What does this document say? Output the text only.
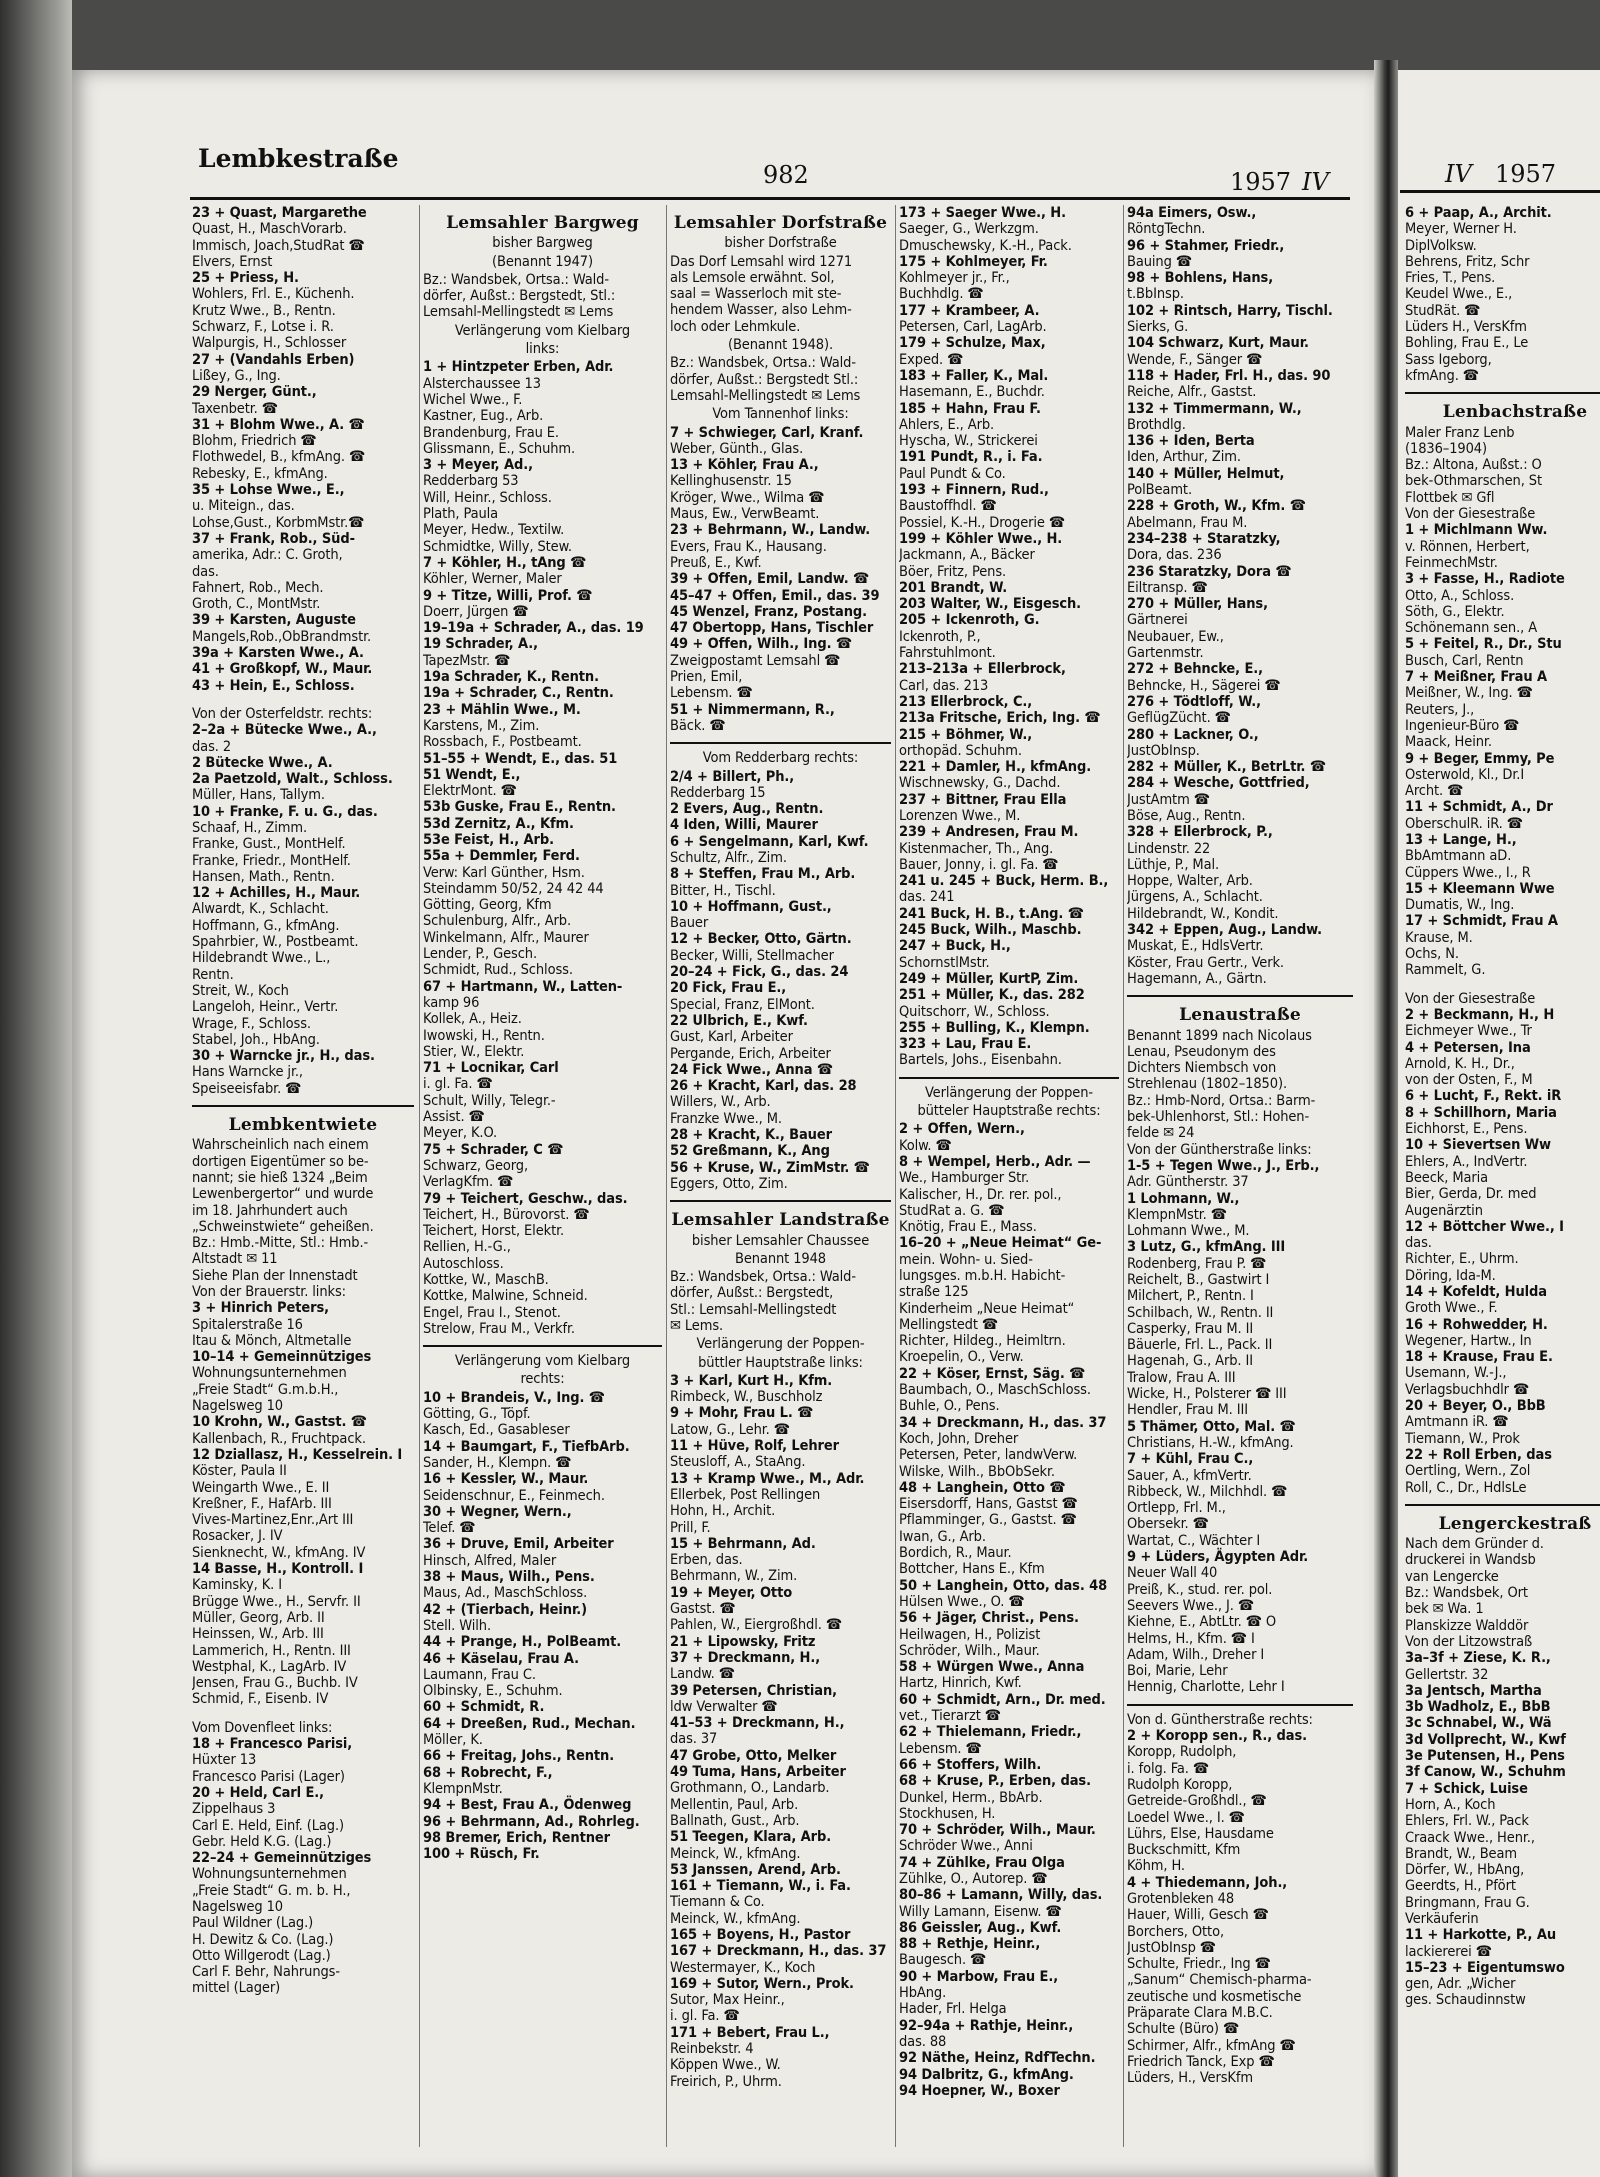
Lembkestraße
982	1957 IV	IV 1957
23 + Quast, Margarethe
Quast, H., MaschVorarb.
Immisch, Joach,StudRat ☎
Elvers, Ernst
25 + Priess, H.
Wohlers, Frl. E., Küchenh.
Krutz Wwe., B., Rentn.
Schwarz, F., Lotse i. R.
Walpurgis, H., Schlosser
27 + (Vandahls Erben)
Lißey, G., Ing.
29 Nerger, Günt.,
Taxenbetr. ☎
31 + Blohm Wwe., A. ☎
Blohm, Friedrich ☎
Flothwedel, B., kfmAng. ☎
Rebesky, E., kfmAng.
35 + Lohse Wwe., E.,
u. Miteign., das.
Lohse,Gust., KorbmMstr.☎
37 + Frank, Rob., Süd-
amerika, Adr.: C. Groth,
das.
Fahnert, Rob., Mech.
Groth, C., MontMstr.
39 + Karsten, Auguste
Mangels,Rob.,ObBrandmstr.
39a + Karsten Wwe., A.
41 + Großkopf, W., Maur.
43 + Hein, E., Schloss.
Von der Osterfeldstr. rechts:
2–2a + Bütecke Wwe., A.,
das. 2
2 Bütecke Wwe., A.
2a Paetzold, Walt., Schloss.
Müller, Hans, Tallym.
10 + Franke, F. u. G., das.
Schaaf, H., Zimm.
Franke, Gust., MontHelf.
Franke, Friedr., MontHelf.
Hansen, Math., Rentn.
12 + Achilles, H., Maur.
Alwardt, K., Schlacht.
Hoffmann, G., kfmAng.
Spahrbier, W., Postbeamt.
Hildebrandt Wwe., L.,
Rentn.
Streit, W., Koch
Langeloh, Heinr., Vertr.
Wrage, F., Schloss.
Stabel, Joh., HbAng.
30 + Warncke jr., H., das.
Hans Warncke jr.,
Speiseeisfabr. ☎
Lembkentwiete
Wahrscheinlich nach einem
dortigen Eigentümer so be-
nannt; sie hieß 1324 „Beim
Lewenbergertor“ und wurde
im 18. Jahrhundert auch
„Schweinstwiete“ geheißen.
Bz.: Hmb.-Mitte, Stl.: Hmb.-
Altstadt ✉ 11
Siehe Plan der Innenstadt
Von der Brauerstr. links:
3 + Hinrich Peters,
Spitalerstraße 16
Itau & Mönch, Altmetalle
10–14 + Gemeinnütziges
Wohnungsunternehmen
„Freie Stadt“ G.m.b.H.,
Nagelsweg 10
10 Krohn, W., Gastst. ☎
Kallenbach, R., Fruchtpack.
12 Dziallasz, H., Kesselrein. I
Köster, Paula II
Weingarth Wwe., E. II
Kreßner, F., HafArb. III
Vives-Martinez,Enr.,Art III
Rosacker, J. IV
Sienknecht, W., kfmAng. IV
14 Basse, H., Kontroll. I
Kaminsky, K. I
Brügge Wwe., H., Servfr. II
Müller, Georg, Arb. II
Heinssen, W., Arb. III
Lammerich, H., Rentn. III
Westphal, K., LagArb. IV
Jensen, Frau G., Buchb. IV
Schmid, F., Eisenb. IV
Vom Dovenfleet links:
18 + Francesco Parisi,
Hüxter 13
Francesco Parisi (Lager)
20 + Held, Carl E.,
Zippelhaus 3
Carl E. Held, Einf. (Lag.)
Gebr. Held K.G. (Lag.)
22–24 + Gemeinnütziges
Wohnungsunternehmen
„Freie Stadt“ G. m. b. H.,
Nagelsweg 10
Paul Wildner (Lag.)
H. Dewitz & Co. (Lag.)
Otto Willgerodt (Lag.)
Carl F. Behr, Nahrungs-
mittel (Lager)
Lemsahler Bargweg
bisher Bargweg
(Benannt 1947)
Bz.: Wandsbek, Ortsa.: Wald-
dörfer, Außst.: Bergstedt, Stl.:
Lemsahl-Mellingstedt ✉ Lems
Verlängerung vom Kielbarg
links:
1 + Hintzpeter Erben, Adr.
Alsterchaussee 13
Wichel Wwe., F.
Kastner, Eug., Arb.
Brandenburg, Frau E.
Glissmann, E., Schuhm.
3 + Meyer, Ad.,
Redderbarg 53
Will, Heinr., Schloss.
Plath, Paula
Meyer, Hedw., Textilw.
Schmidtke, Willy, Stew.
7 + Köhler, H., tAng ☎
Köhler, Werner, Maler
9 + Titze, Willi, Prof. ☎
Doerr, Jürgen ☎
19–19a + Schrader, A., das. 19
19 Schrader, A.,
TapezMstr. ☎
19a Schrader, K., Rentn.
19a + Schrader, C., Rentn.
23 + Mählin Wwe., M.
Karstens, M., Zim.
Rossbach, F., Postbeamt.
51–55 + Wendt, E., das. 51
51 Wendt, E.,
ElektrMont. ☎
53b Guske, Frau E., Rentn.
53d Zernitz, A., Kfm.
53e Feist, H., Arb.
55a + Demmler, Ferd.
Verw: Karl Günther, Hsm.
Steindamm 50/52, 24 42 44
Götting, Georg, Kfm
Schulenburg, Alfr., Arb.
Winkelmann, Alfr., Maurer
Lender, P., Gesch.
Schmidt, Rud., Schloss.
67 + Hartmann, W., Latten-
kamp 96
Kollek, A., Heiz.
Iwowski, H., Rentn.
Stier, W., Elektr.
71 + Locnikar, Carl
i. gl. Fa. ☎
Schult, Willy, Telegr.-
Assist. ☎
Meyer, K.O.
75 + Schrader, C ☎
Schwarz, Georg,
VerlagKfm. ☎
79 + Teichert, Geschw., das.
Teichert, H., Bürovorst. ☎
Teichert, Horst, Elektr.
Rellien, H.-G.,
Autoschloss.
Kottke, W., MaschB.
Kottke, Malwine, Schneid.
Engel, Frau I., Stenot.
Strelow, Frau M., Verkfr.
Verlängerung vom Kielbarg
rechts:
10 + Brandeis, V., Ing. ☎
Götting, G., Töpf.
Kasch, Ed., Gasableser
14 + Baumgart, F., TiefbArb.
Sander, H., Klempn. ☎
16 + Kessler, W., Maur.
Seidenschnur, E., Feinmech.
30 + Wegner, Wern.,
Telef. ☎
36 + Druve, Emil, Arbeiter
Hinsch, Alfred, Maler
38 + Maus, Wilh., Pens.
Maus, Ad., MaschSchloss.
42 + (Tierbach, Heinr.)
Stell. Wilh.
44 + Prange, H., PolBeamt.
46 + Käselau, Frau A.
Laumann, Frau C.
Olbinsky, E., Schuhm.
60 + Schmidt, R.
64 + Dreeßen, Rud., Mechan.
Möller, K.
66 + Freitag, Johs., Rentn.
68 + Robrecht, F.,
KlempnMstr.
94 + Best, Frau A., Ödenweg
96 + Behrmann, Ad., Rohrleg.
98 Bremer, Erich, Rentner
100 + Rüsch, Fr.
Lemsahler Dorfstraße
bisher Dorfstraße
Das Dorf Lemsahl wird 1271
als Lemsole erwähnt. Sol,
saal = Wasserloch mit ste-
hendem Wasser, also Lehm-
loch oder Lehmkule.
(Benannt 1948).
Bz.: Wandsbek, Ortsa.: Wald-
dörfer, Außst.: Bergstedt Stl.:
Lemsahl-Mellingstedt ✉ Lems
Vom Tannenhof links:
7 + Schwieger, Carl, Kranf.
Weber, Günth., Glas.
13 + Köhler, Frau A.,
Kellinghusenstr. 15
Kröger, Wwe., Wilma ☎
Maus, Ew., VerwBeamt.
23 + Behrmann, W., Landw.
Evers, Frau K., Hausang.
Preuß, E., Kwf.
39 + Offen, Emil, Landw. ☎
45–47 + Offen, Emil., das. 39
45 Wenzel, Franz, Postang.
47 Obertopp, Hans, Tischler
49 + Offen, Wilh., Ing. ☎
Zweigpostamt Lemsahl ☎
Prien, Emil,
Lebensm. ☎
51 + Nimmermann, R.,
Bäck. ☎
Vom Redderbarg rechts:
2/4 + Billert, Ph.,
Redderbarg 15
2 Evers, Aug., Rentn.
4 Iden, Willi, Maurer
6 + Sengelmann, Karl, Kwf.
Schultz, Alfr., Zim.
8 + Steffen, Frau M., Arb.
Bitter, H., Tischl.
10 + Hoffmann, Gust.,
Bauer
12 + Becker, Otto, Gärtn.
Becker, Willi, Stellmacher
20–24 + Fick, G., das. 24
20 Fick, Frau E.,
Special, Franz, ElMont.
22 Ulbrich, E., Kwf.
Gust, Karl, Arbeiter
Pergande, Erich, Arbeiter
24 Fick Wwe., Anna ☎
26 + Kracht, Karl, das. 28
Willers, W., Arb.
Franzke Wwe., M.
28 + Kracht, K., Bauer
52 Greßmann, K., Ang
56 + Kruse, W., ZimMstr. ☎
Eggers, Otto, Zim.
Lemsahler Landstraße
bisher Lemsahler Chaussee
Benannt 1948
Bz.: Wandsbek, Ortsa.: Wald-
dörfer, Außst.: Bergstedt,
Stl.: Lemsahl-Mellingstedt
✉ Lems.
Verlängerung der Poppen-
büttler Hauptstraße links:
3 + Karl, Kurt H., Kfm.
Rimbeck, W., Buschholz
9 + Mohr, Frau L. ☎
Latow, G., Lehr. ☎
11 + Hüve, Rolf, Lehrer
Steusloff, A., StaAng.
13 + Kramp Wwe., M., Adr.
Ellerbek, Post Rellingen
Hohn, H., Archit.
Prill, F.
15 + Behrmann, Ad.
Erben, das.
Behrmann, W., Zim.
19 + Meyer, Otto
Gastst. ☎
Pahlen, W., Eiergroßhdl. ☎
21 + Lipowsky, Fritz
37 + Dreckmann, H.,
Landw. ☎
39 Petersen, Christian,
ldw Verwalter ☎
41–53 + Dreckmann, H.,
das. 37
47 Grobe, Otto, Melker
49 Tuma, Hans, Arbeiter
Grothmann, O., Landarb.
Mellentin, Paul, Arb.
Ballnath, Gust., Arb.
51 Teegen, Klara, Arb.
Meinck, W., kfmAng.
53 Janssen, Arend, Arb.
161 + Tiemann, W., i. Fa.
Tiemann & Co.
Meinck, W., kfmAng.
165 + Boyens, H., Pastor
167 + Dreckmann, H., das. 37
Westermayer, K., Koch
169 + Sutor, Wern., Prok.
Sutor, Max Heinr.,
i. gl. Fa. ☎
171 + Bebert, Frau L.,
Reinbekstr. 4
Köppen Wwe., W.
Freirich, P., Uhrm.
173 + Saeger Wwe., H.
Saeger, G., Werkzgm.
Dmuschewsky, K.-H., Pack.
175 + Kohlmeyer, Fr.
Kohlmeyer jr., Fr.,
Buchhdlg. ☎
177 + Krambeer, A.
Petersen, Carl, LagArb.
179 + Schulze, Max,
Exped. ☎
183 + Faller, K., Mal.
Hasemann, E., Buchdr.
185 + Hahn, Frau F.
Ahlers, E., Arb.
Hyscha, W., Strickerei
191 Pundt, R., i. Fa.
Paul Pundt & Co.
193 + Finnern, Rud.,
Baustoffhdl. ☎
Possiel, K.-H., Drogerie ☎
199 + Köhler Wwe., H.
Jackmann, A., Bäcker
Böer, Fritz, Pens.
201 Brandt, W.
203 Walter, W., Eisgesch.
205 + Ickenroth, G.
Ickenroth, P.,
Fahrstuhlmont.
213–213a + Ellerbrock,
Carl, das. 213
213 Ellerbrock, C.,
213a Fritsche, Erich, Ing. ☎
215 + Böhmer, W.,
orthopäd. Schuhm.
221 + Damler, H., kfmAng.
Wischnewsky, G., Dachd.
237 + Bittner, Frau Ella
Lorenzen Wwe., M.
239 + Andresen, Frau M.
Kistenmacher, Th., Ang.
Bauer, Jonny, i. gl. Fa. ☎
241 u. 245 + Buck, Herm. B.,
das. 241
241 Buck, H. B., t.Ang. ☎
245 Buck, Wilh., Maschb.
247 + Buck, H.,
SchornstlMstr.
249 + Müller, KurtP, Zim.
251 + Müller, K., das. 282
Quitschorr, W., Schloss.
255 + Bulling, K., Klempn.
323 + Lau, Frau E.
Bartels, Johs., Eisenbahn.
Verlängerung der Poppen-
bütteler Hauptstraße rechts:
2 + Offen, Wern.,
Kolw. ☎
8 + Wempel, Herb., Adr. —
We., Hamburger Str.
Kalischer, H., Dr. rer. pol.,
StudRat a. G. ☎
Knötig, Frau E., Mass.
16–20 + „Neue Heimat“ Ge-
mein. Wohn- u. Sied-
lungsges. m.b.H. Habicht-
straße 125
Kinderheim „Neue Heimat“
Mellingstedt ☎
Richter, Hildeg., Heimltrn.
Kroepelin, O., Verw.
22 + Köser, Ernst, Säg. ☎
Baumbach, O., MaschSchloss.
Buhle, O., Pens.
34 + Dreckmann, H., das. 37
Koch, John, Dreher
Petersen, Peter, landwVerw.
Wilske, Wilh., BbObSekr.
48 + Langhein, Otto ☎
Eisersdorff, Hans, Gastst ☎
Pflamminger, G., Gastst. ☎
Iwan, G., Arb.
Bordich, R., Maur.
Bottcher, Hans E., Kfm
50 + Langhein, Otto, das. 48
Hülsen Wwe., O. ☎
56 + Jäger, Christ., Pens.
Heilwagen, H., Polizist
Schröder, Wilh., Maur.
58 + Würgen Wwe., Anna
Hartz, Hinrich, Kwf.
60 + Schmidt, Arn., Dr. med.
vet., Tierarzt ☎
62 + Thielemann, Friedr.,
Lebensm. ☎
66 + Stoffers, Wilh.
68 + Kruse, P., Erben, das.
Dunkel, Herm., BbArb.
Stockhusen, H.
70 + Schröder, Wilh., Maur.
Schröder Wwe., Anni
74 + Zühlke, Frau Olga
Zühlke, O., Autorep. ☎
80–86 + Lamann, Willy, das.
Willy Lamann, Eisenw. ☎
86 Geissler, Aug., Kwf.
88 + Rethje, Heinr.,
Baugesch. ☎
90 + Marbow, Frau E.,
HbAng.
Hader, Frl. Helga
92–94a + Rathje, Heinr.,
das. 88
92 Näthe, Heinz, RdfTechn.
94 Dalbritz, G., kfmAng.
94 Hoepner, W., Boxer
94a Eimers, Osw.,
RöntgTechn.
96 + Stahmer, Friedr.,
Bauing ☎
98 + Bohlens, Hans,
t.BbInsp.
102 + Rintsch, Harry, Tischl.
Sierks, G.
104 Schwarz, Kurt, Maur.
Wende, F., Sänger ☎
118 + Hader, Frl. H., das. 90
Reiche, Alfr., Gastst.
132 + Timmermann, W.,
Brothdlg.
136 + Iden, Berta
Iden, Arthur, Zim.
140 + Müller, Helmut,
PolBeamt.
228 + Groth, W., Kfm. ☎
Abelmann, Frau M.
234–238 + Staratzky,
Dora, das. 236
236 Staratzky, Dora ☎
Eiltransp. ☎
270 + Müller, Hans,
Gärtnerei
Neubauer, Ew.,
Gartenmstr.
272 + Behncke, E.,
Behncke, H., Sägerei ☎
276 + Tödtloff, W.,
GeflügZücht. ☎
280 + Lackner, O.,
JustObInsp.
282 + Müller, K., BetrLtr. ☎
284 + Wesche, Gottfried,
JustAmtm ☎
Böse, Aug., Rentn.
328 + Ellerbrock, P.,
Lindenstr. 22
Lüthje, P., Mal.
Hoppe, Walter, Arb.
Jürgens, A., Schlacht.
Hildebrandt, W., Kondit.
342 + Eppen, Aug., Landw.
Muskat, E., HdlsVertr.
Köster, Frau Gertr., Verk.
Hagemann, A., Gärtn.
Lenaustraße
Benannt 1899 nach Nicolaus
Lenau, Pseudonym des
Dichters Niembsch von
Strehlenau (1802–1850).
Bz.: Hmb-Nord, Ortsa.: Barm-
bek-Uhlenhorst, Stl.: Hohen-
felde ✉ 24
Von der Güntherstraße links:
1-5 + Tegen Wwe., J., Erb.,
Adr. Güntherstr. 37
1 Lohmann, W.,
KlempnMstr. ☎
Lohmann Wwe., M.
3 Lutz, G., kfmAng. III
Rodenberg, Frau P. ☎
Reichelt, B., Gastwirt I
Milchert, P., Rentn. I
Schilbach, W., Rentn. II
Casperky, Frau M. II
Bäuerle, Frl. L., Pack. II
Hagenah, G., Arb. II
Tralow, Frau A. III
Wicke, H., Polsterer ☎ III
Hendler, Frau M. III
5 Thämer, Otto, Mal. ☎
Christians, H.-W., kfmAng.
7 + Kühl, Frau C.,
Sauer, A., kfmVertr.
Ribbeck, W., Milchhdl. ☎
Ortlepp, Frl. M.,
Obersekr. ☎
Wartat, C., Wächter I
9 + Lüders, Ägypten Adr.
Neuer Wall 40
Preiß, K., stud. rer. pol.
Seevers Wwe., J. ☎
Kiehne, E., AbtLtr. ☎ O
Helms, H., Kfm. ☎ I
Adam, Wilh., Dreher I
Boi, Marie, Lehr
Hennig, Charlotte, Lehr I
Von d. Güntherstraße rechts:
2 + Koropp sen., R., das.
Koropp, Rudolph,
i. folg. Fa. ☎
Rudolph Koropp,
Getreide-Großhdl., ☎
Loedel Wwe., I. ☎
Lührs, Else, Hausdame
Buckschmitt, Kfm
Köhm, H.
4 + Thiedemann, Joh.,
Grotenbleken 48
Hauer, Willi, Gesch ☎
Borchers, Otto,
JustObInsp ☎
Schulte, Friedr., Ing ☎
„Sanum“ Chemisch-pharma-
zeutische und kosmetische
Präparate Clara M.B.C.
Schulte (Büro) ☎
Schirmer, Alfr., kfmAng ☎
Friedrich Tanck, Exp ☎
Lüders, H., VersKfm
6 + Paap, A., Archit.
Meyer, Werner H.
DiplVolksw.
Behrens, Fritz, Schr
Fries, T., Pens.
Keudel Wwe., E.,
StudRät. ☎
Lüders H., VersKfm
Bohling, Frau E., Le
Sass Igeborg,
kfmAng. ☎
Lenbachstraße
Maler Franz Lenb
(1836–1904)
Bz.: Altona, Außst.: O
bek-Othmarschen, St
Flottbek ✉ Gfl
Von der Giesestraße
1 + Michlmann Ww.
v. Rönnen, Herbert,
FeinmechMstr.
3 + Fasse, H., Radiote
Otto, A., Schloss.
Söth, G., Elektr.
Schönemann sen., A
5 + Feitel, R., Dr., Stu
Busch, Carl, Rentn
7 + Meißner, Frau A
Meißner, W., Ing. ☎
Reuters, J.,
Ingenieur-Büro ☎
Maack, Heinr.
9 + Beger, Emmy, Pe
Osterwold, Kl., Dr.I
Archt. ☎
11 + Schmidt, A., Dr
OberschulR. iR. ☎
13 + Lange, H.,
BbAmtmann aD.
Cüppers Wwe., I., R
15 + Kleemann Wwe
Dumatis, W., Ing.
17 + Schmidt, Frau A
Krause, M.
Ochs, N.
Rammelt, G.
Von der Giesestraße
2 + Beckmann, H., H
Eichmeyer Wwe., Tr
4 + Petersen, Ina
Arnold, K. H., Dr.,
von der Osten, F., M
6 + Lucht, F., Rekt. iR
8 + Schillhorn, Maria
Eichhorst, E., Pens.
10 + Sievertsen Ww
Ehlers, A., IndVertr.
Beeck, Maria
Bier, Gerda, Dr. med
Augenärztin
12 + Böttcher Wwe., I
das.
Richter, E., Uhrm.
Döring, Ida-M.
14 + Kofeldt, Hulda
Groth Wwe., F.
16 + Rohwedder, H.
Wegener, Hartw., In
18 + Krause, Frau E.
Usemann, W.-J.,
Verlagsbuchhdlr ☎
20 + Beyer, O., BbB
Amtmann iR. ☎
Tiemann, W., Prok
22 + Roll Erben, das
Oertling, Wern., Zol
Roll, C., Dr., HdlsLe
Lengerckestraß
Nach dem Gründer d.
druckerei in Wandsb
van Lengercke
Bz.: Wandsbek, Ort
bek ✉ Wa. 1
Planskizze Walddör
Von der Litzowstraß
3a–3f + Ziese, K. R.,
Gellertstr. 32
3a Jentsch, Martha
3b Wadholz, E., BbB
3c Schnabel, W., Wä
3d Vollprecht, W., Kwf
3e Putensen, H., Pens
3f Canow, W., Schuhm
7 + Schick, Luise
Horn, A., Koch
Ehlers, Frl. W., Pack
Craack Wwe., Henr.,
Brandt, W., Beam
Dörfer, W., HbAng,
Geerdts, H., Pfört
Bringmann, Frau G.
Verkäuferin
11 + Harkotte, P., Au
lackiererei ☎
15–23 + Eigentumswo
gen, Adr. „Wicher
ges. Schaudinnstw
